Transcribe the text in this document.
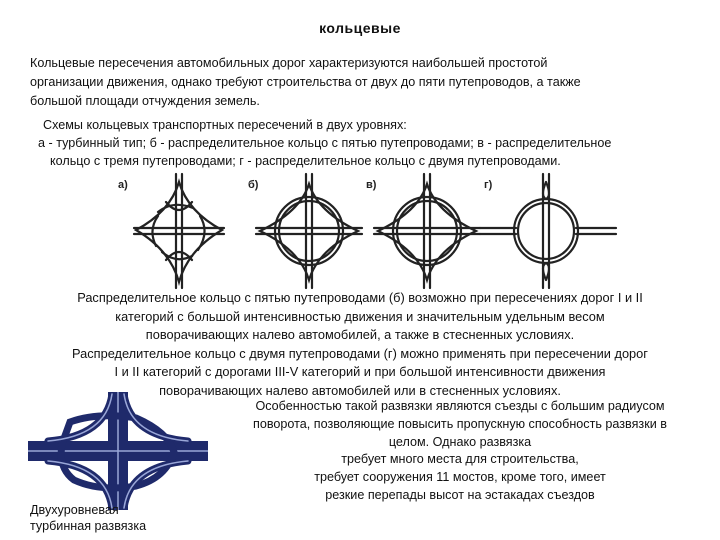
кольцевые
Кольцевые пересечения автомобильных дорог характеризуются наибольшей простотой
организации движения, однако требуют строительства от двух до пяти путепроводов, а также
большой площади отчуждения земель.
Схемы кольцевых транспортных пересечений в двух уровнях:
а - турбинный тип; б - распределительное кольцо с пятью путепроводами; в - распределительное
кольцо с тремя путепроводами; г - распределительное кольцо с двумя путепроводами.
а)	б)	в)	г)
Распределительное кольцо с пятью путепроводами (б) возможно при пересечениях дорог I и II
категорий с большой интенсивностью движения и значительным удельным весом
поворачивающих налево автомобилей, а также в стесненных условиях.
Распределительное кольцо с двумя путепроводами (г) можно применять при пересечении дорог
I и II категорий с дорогами III-V категорий и при большой интенсивности движения
поворачивающих налево автомобилей или в стесненных условиях.
Особенностью такой развязки являются съезды с большим радиусом
поворота, позволяющие повысить пропускную способность развязки в
целом. Однако развязка
требует много места для строительства,
требует сооружения 11 мостов, кроме того, имеет
резкие перепады высот на эстакадах съездов
Двухуровневая
турбинная развязка
